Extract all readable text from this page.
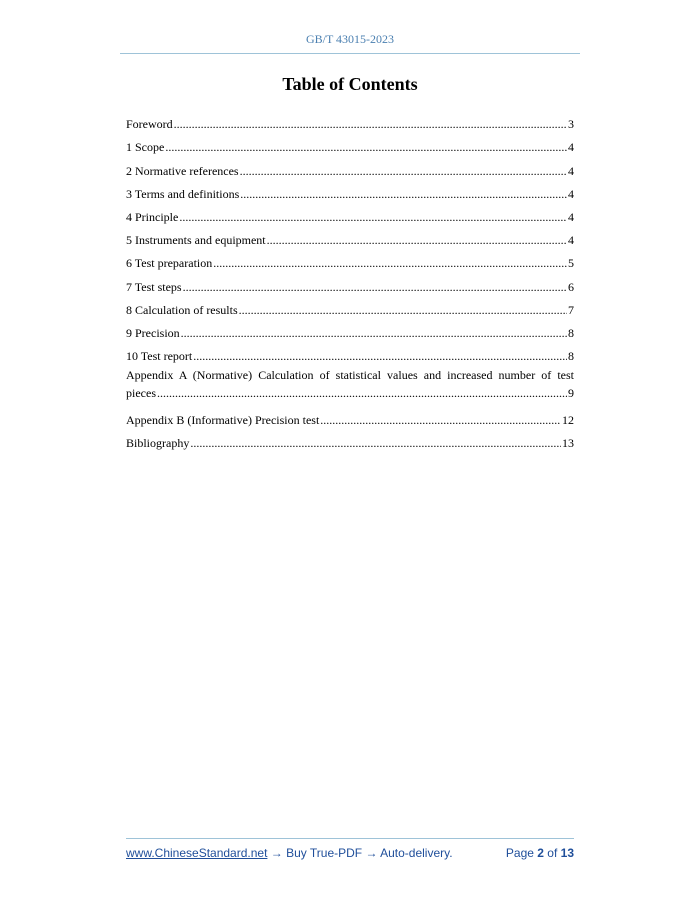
GB/T 43015-2023
Table of Contents
Foreword .....	3
1 Scope .....	4
2 Normative references .....	4
3 Terms and definitions .....	4
4 Principle .....	4
5 Instruments and equipment .....	4
6 Test preparation .....	5
7 Test steps .....	6
8 Calculation of results .....	7
9 Precision .....	8
10 Test report .....	8
Appendix A (Normative) Calculation of statistical values and increased number of test
pieces .....	9
Appendix B (Informative) Precision test .....	12
Bibliography .....	13
www.ChineseStandard.net → Buy True-PDF → Auto-delivery.	Page 2 of 13
